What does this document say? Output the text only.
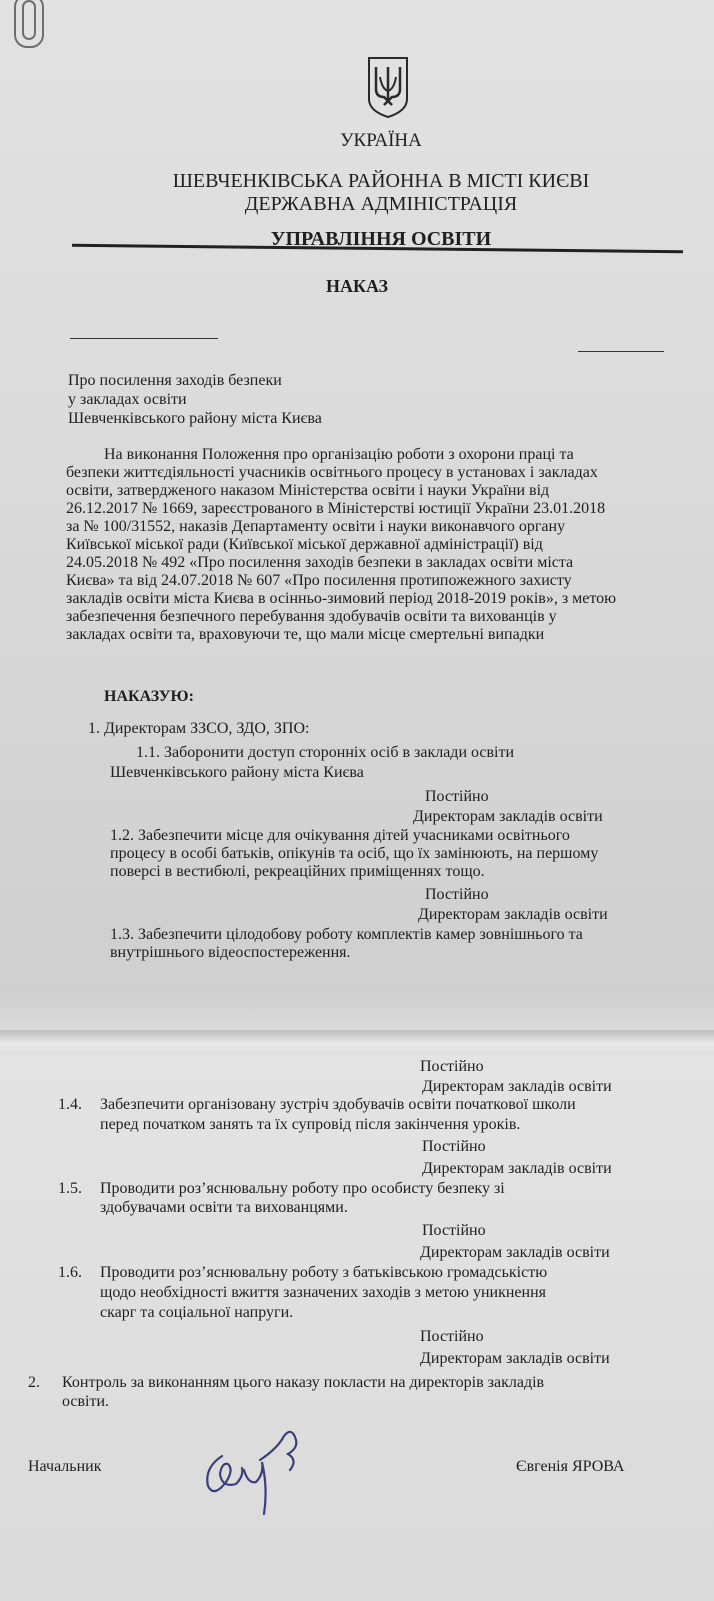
УКРАЇНА
ШЕВЧЕНКІВСЬКА РАЙОННА В МІСТІ КИЄВІ
ДЕРЖАВНА АДМІНІСТРАЦІЯ
УПРАВЛІННЯ ОСВІТИ
НАКАЗ
Про посилення заходів безпеки
у закладах освіти
Шевченківського району міста Києва
На виконання Положення про організацію роботи з охорони праці та
безпеки життєдіяльності учасників освітнього процесу в установах і закладах
освіти, затвердженого наказом Міністерства освіти і науки України від
26.12.2017 № 1669, зареєстрованого в Міністерстві юстиції України 23.01.2018
за № 100/31552, наказів Департаменту освіти і науки виконавчого органу
Київської міської ради (Київської міської державної адміністрації) від
24.05.2018 № 492 «Про посилення заходів безпеки в закладах освіти міста
Києва» та від 24.07.2018 № 607 «Про посилення протипожежного захисту
закладів освіти міста Києва в осінньо-зимовий період 2018-2019 років», з метою
забезпечення безпечного перебування здобувачів освіти та вихованців у
закладах освіти та, враховуючи те, що мали місце смертельні випадки
НАКАЗУЮ:
1. Директорам ЗЗСО, ЗДО, ЗПО:
1.1. Заборонити доступ сторонніх осіб в заклади освіти
Шевченківського району міста Києва
Постійно
Директорам закладів освіти
1.2. Забезпечити місце для очікування дітей учасниками освітнього
процесу в особі батьків, опікунів та осіб, що їх замінюють, на першому
поверсі в вестибюлі, рекреаційних приміщеннях тощо.
Постійно
Директорам закладів освіти
1.3. Забезпечити цілодобову роботу комплектів камер зовнішнього та
внутрішнього відеоспостереження.
Постійно
Директорам закладів освіти
1.4. Забезпечити організовану зустріч здобувачів освіти початкової школи
перед початком занять та їх супровід після закінчення уроків.
Постійно
Директорам закладів освіти
1.5. Проводити роз’яснювальну роботу про особисту безпеку зі
здобувачами освіти та вихованцями.
Постійно
Директорам закладів освіти
1.6. Проводити роз’яснювальну роботу з батьківською громадськістю
щодо необхідності вжиття зазначених заходів з метою уникнення
скарг та соціальної напруги.
Постійно
Директорам закладів освіти
2. Контроль за виконанням цього наказу покласти на директорів закладів
освіти.
Начальник	Євгенія ЯРОВА
